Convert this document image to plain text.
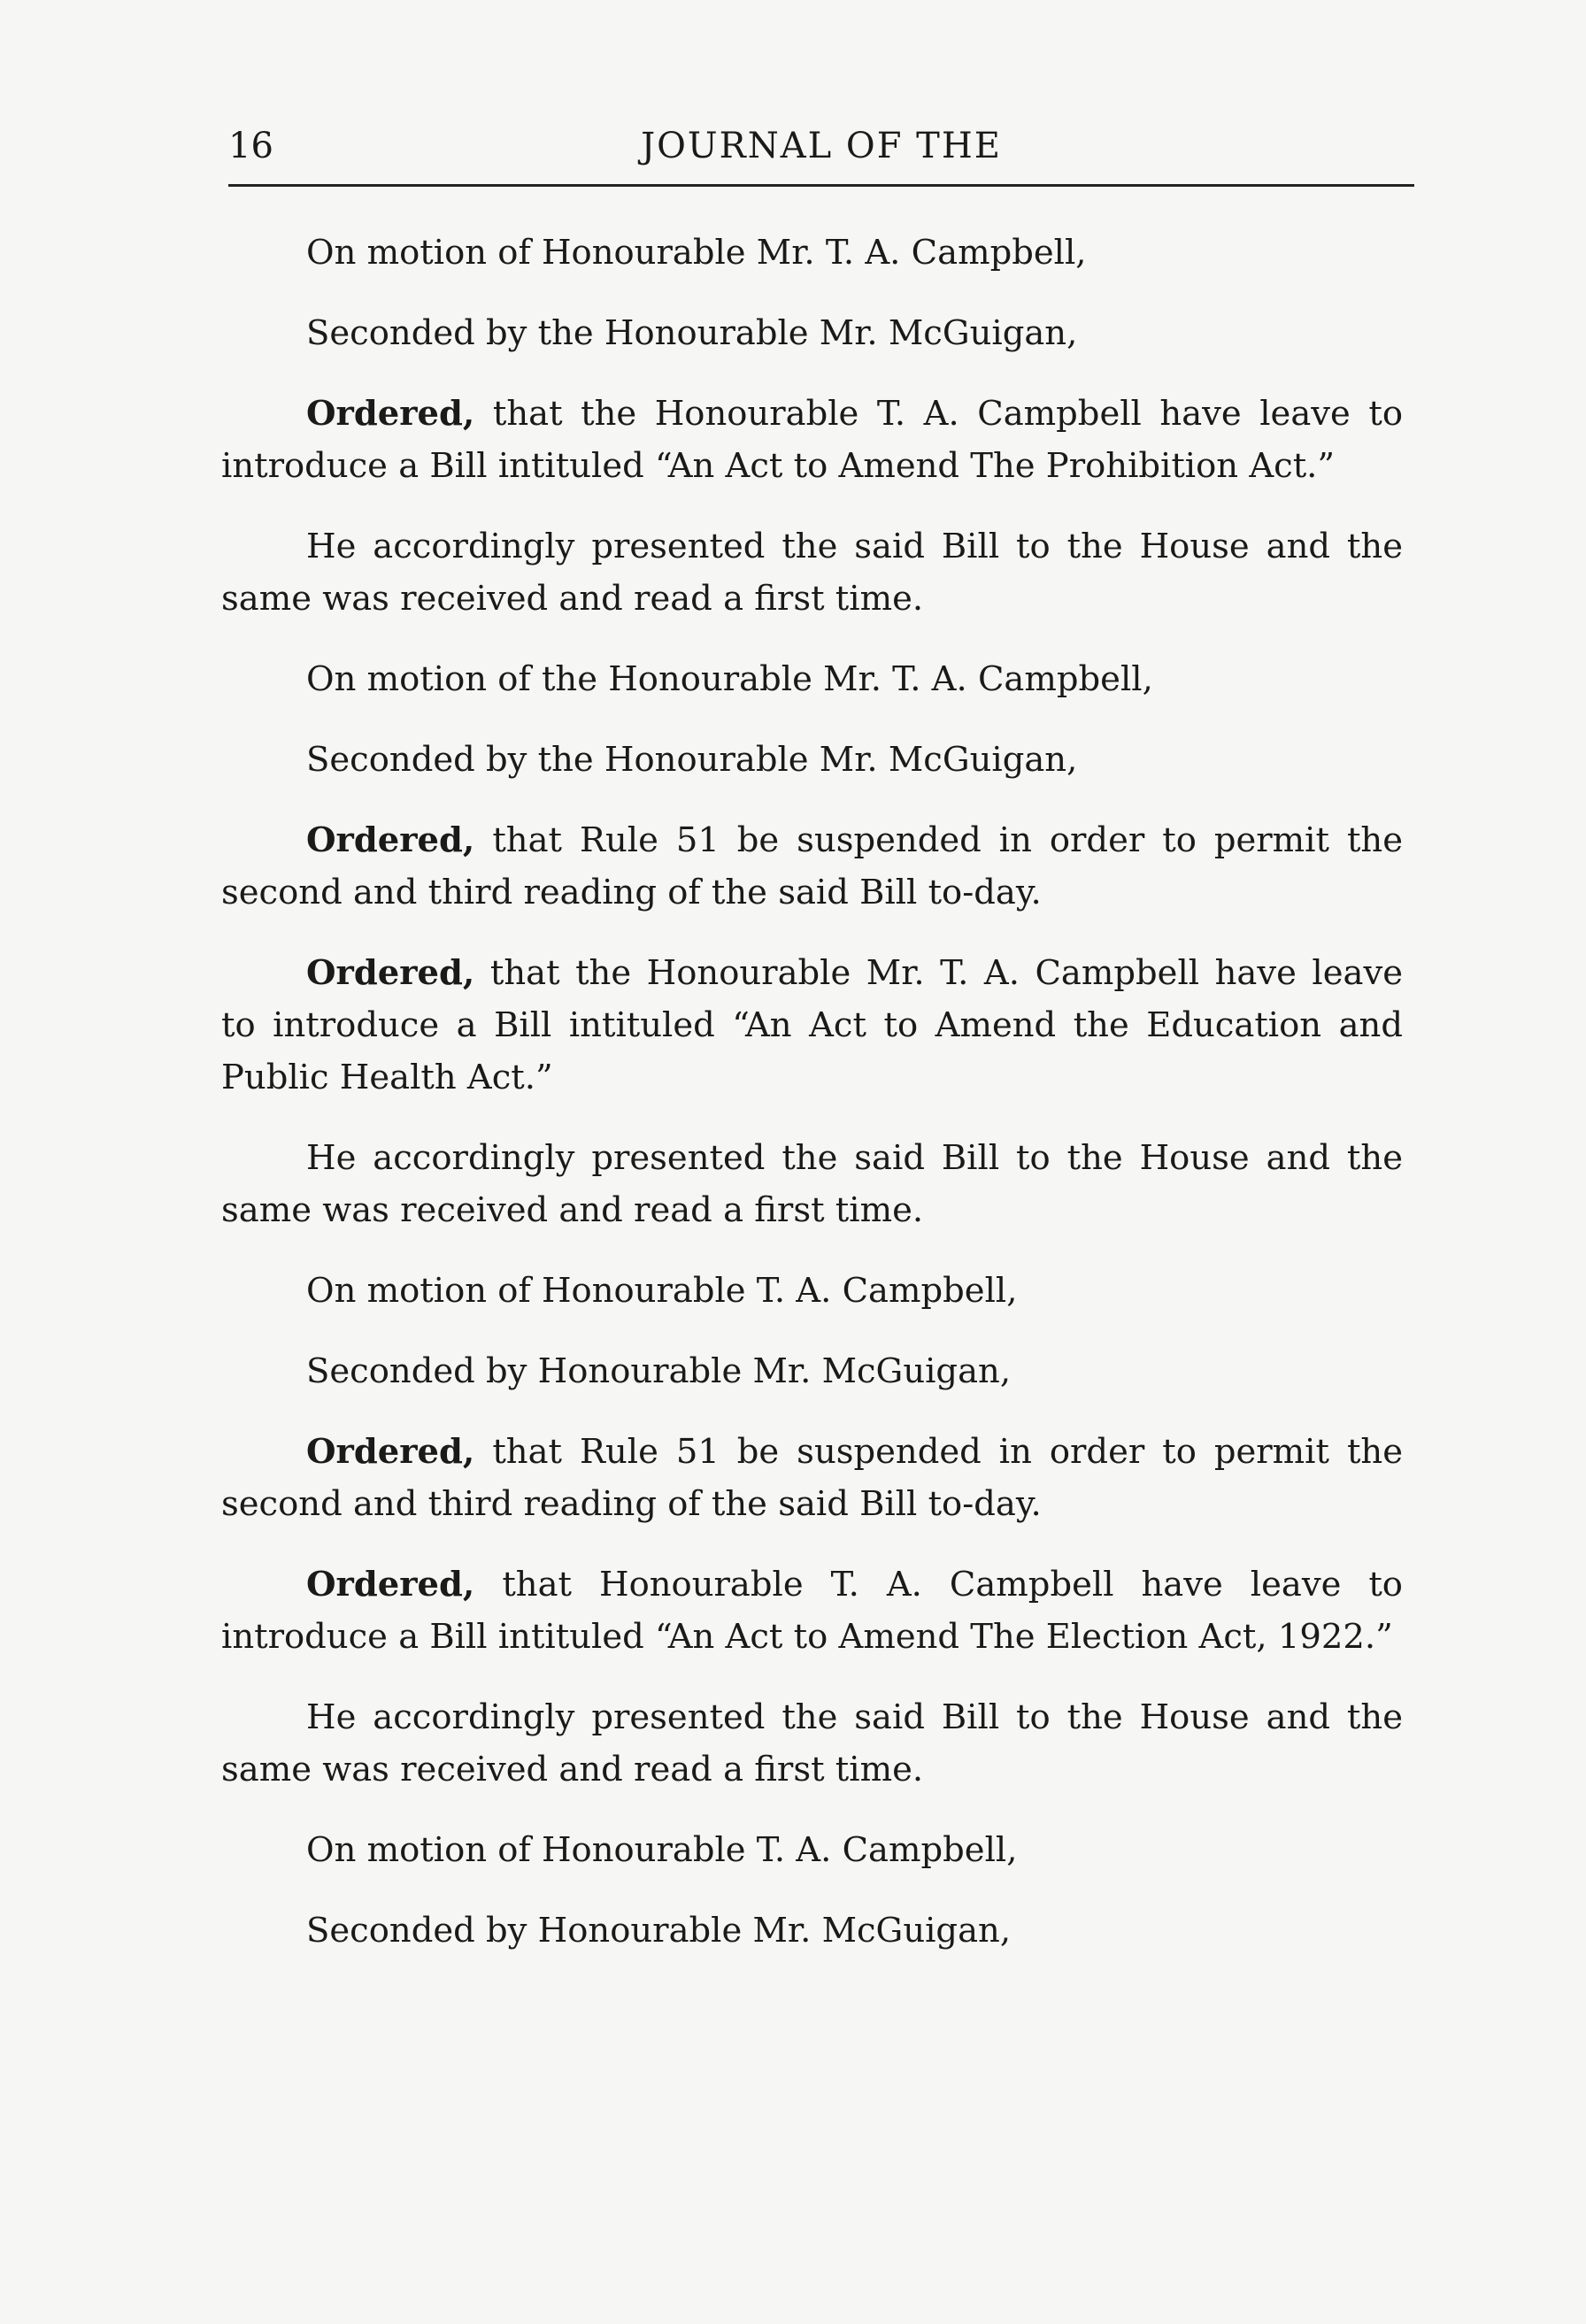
16	JOURNAL OF THE

On motion of Honourable Mr. T. A. Campbell,

Seconded by the Honourable Mr. McGuigan,

Ordered, that the Honourable T. A. Campbell have leave to introduce a Bill intituled “An Act to Amend The Prohibition Act.”

He accordingly presented the said Bill to the House and the same was received and read a first time.

On motion of the Honourable Mr. T. A. Campbell,

Seconded by the Honourable Mr. McGuigan,

Ordered, that Rule 51 be suspended in order to permit the second and third reading of the said Bill to-day.

Ordered, that the Honourable Mr. T. A. Campbell have leave to introduce a Bill intituled “An Act to Amend the Education and Public Health Act.”

He accordingly presented the said Bill to the House and the same was received and read a first time.

On motion of Honourable T. A. Campbell,

Seconded by Honourable Mr. McGuigan,

Ordered, that Rule 51 be suspended in order to permit the second and third reading of the said Bill to-day.

Ordered, that Honourable T. A. Campbell have leave to introduce a Bill intituled “An Act to Amend The Election Act, 1922.”

He accordingly presented the said Bill to the House and the same was received and read a first time.

On motion of Honourable T. A. Campbell,

Seconded by Honourable Mr. McGuigan,
